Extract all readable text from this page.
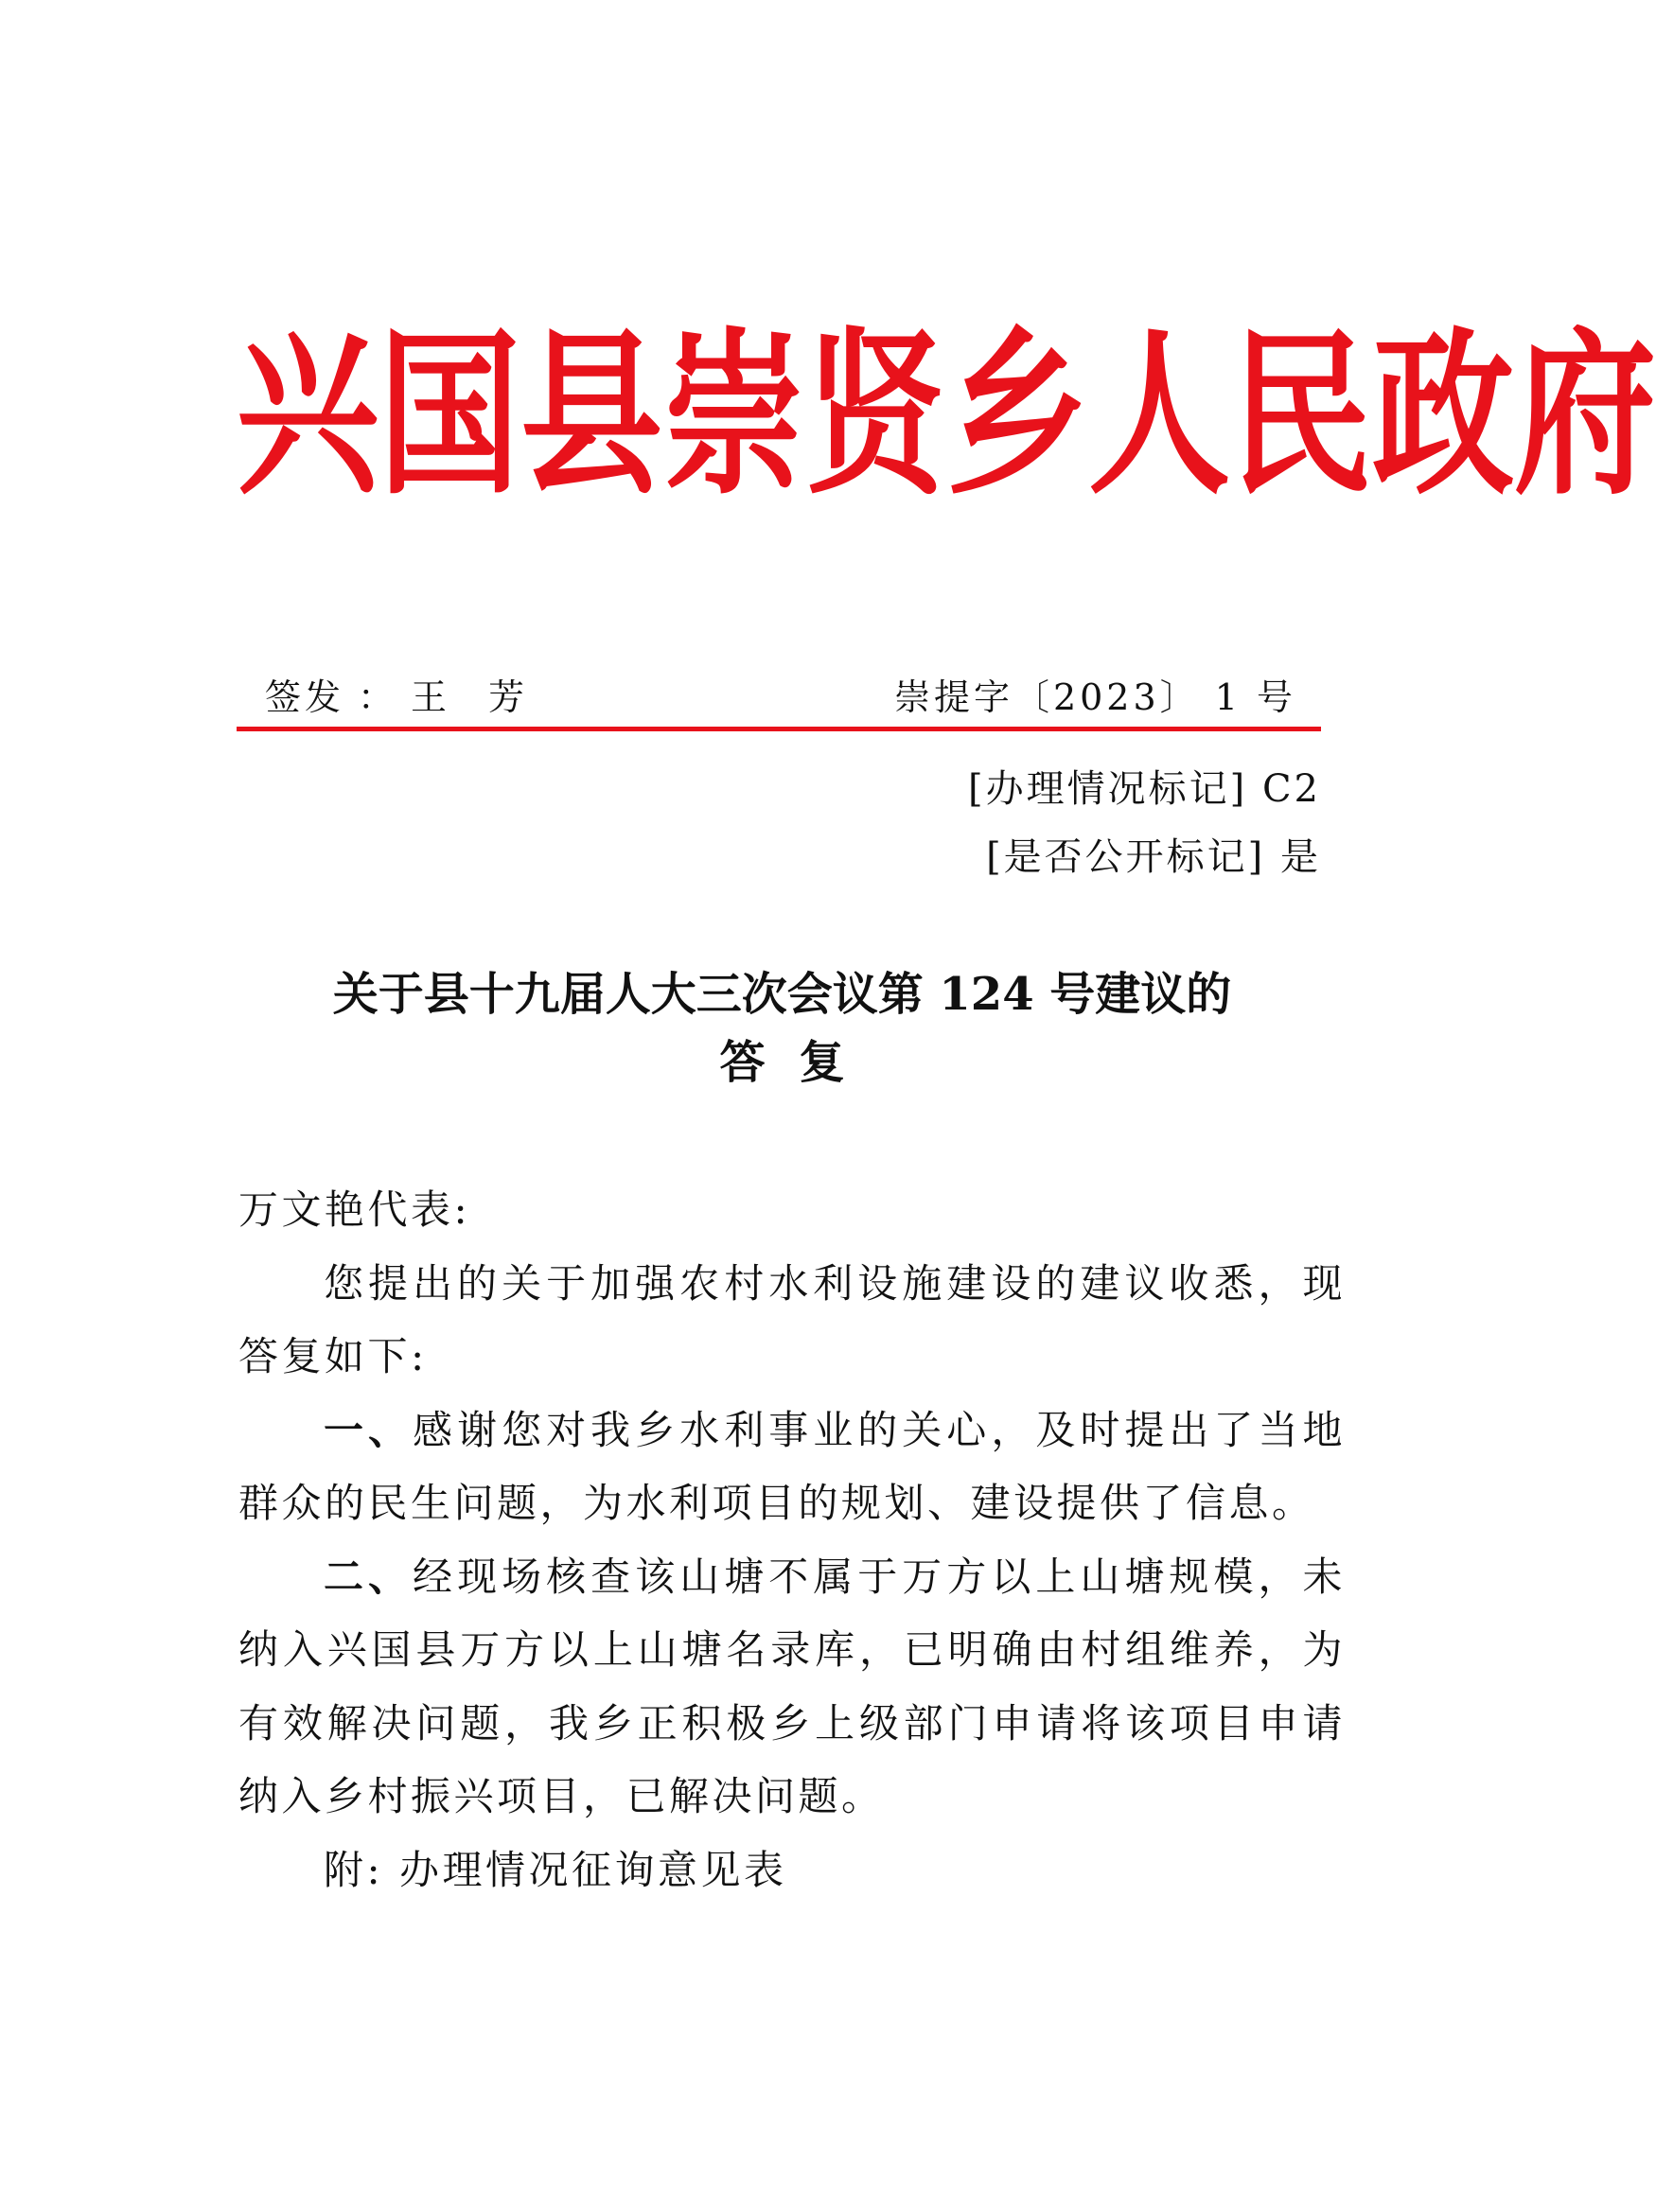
兴 国 县 崇 贤 乡 人 民 政 府
签发 ： 王芳	崇提字〔2023〕 1 号
[办理情况标记] C2
[是否公开标记] 是
关于县十九届人大三次会议第 124 号建议的
答复

万文艳代表:

您提出的关于加强农村水利设施建设的建议收悉，现答复如下:

一、感谢您对我乡水利事业的关心，及时提出了当地群众的民生问题，为水利项目的规划、建设提供了信息。

二、经现场核查该山塘不属于万方以上山塘规模，未纳入兴国县万方以上山塘名录库，已明确由村组维养，为有效解决问题，我乡正积极乡上级部门申请将该项目申请纳入乡村振兴项目，已解决问题。

附: 办理情况征询意见表
